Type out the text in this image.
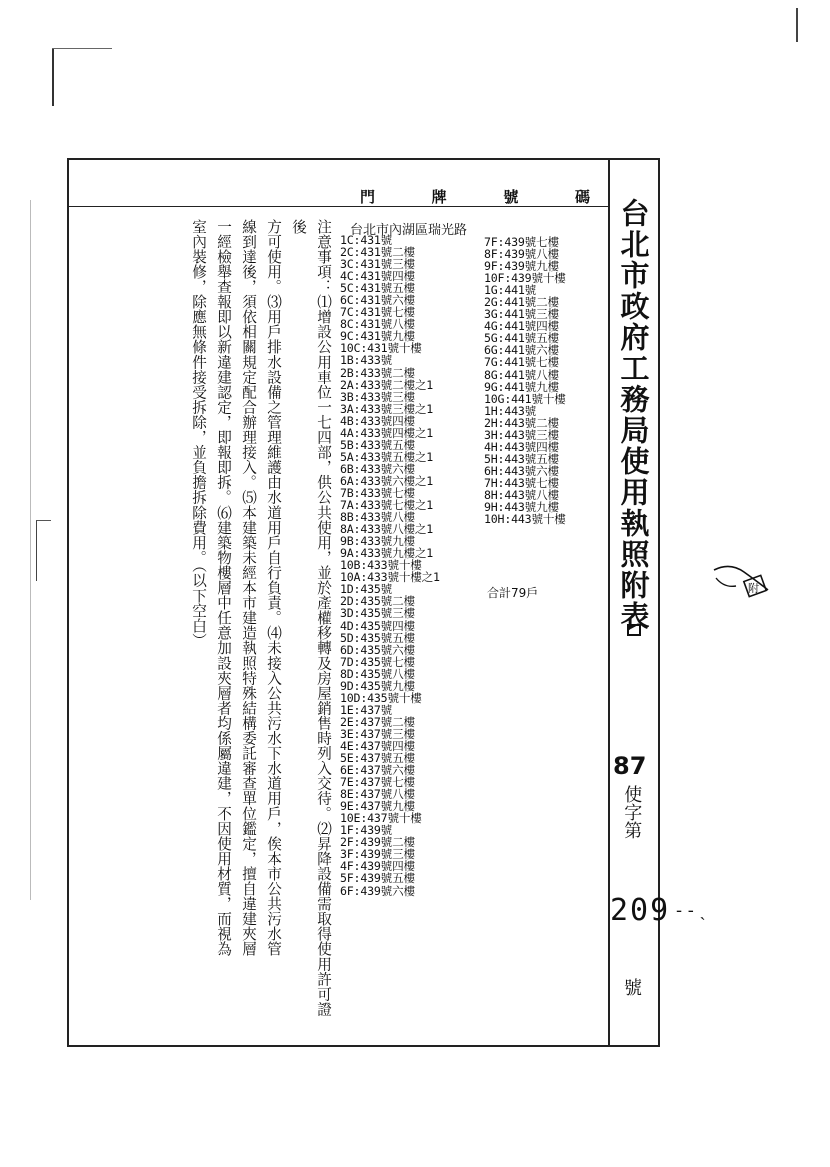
門	牌	號	碼
台北市政府工務局使用執照附表
87
使字第
209 - - ˎ
號
附

注意事項：⑴增設公用車位一七四部，供公共使用，並於產權移轉及房屋銷售時列入交待。⑵昇降設備需取得使用許可證後

方可使用。⑶用戶排水設備之管理維護由水道用戶自行負責。⑷未接入公共污水下水道用戶，俟本市公共污水管

線到達後，須依相關規定配合辦理接入。⑸本建築未經本市建造執照特殊結構委託審查單位鑑定，擅自違建夾層

一經檢舉查報即以新違建認定，即報即拆。⑹建築物樓層中任意加設夾層者均係屬違建，不因使用材質，而視為

室內裝修，除應無條件接受拆除，並負擔拆除費用。（以下空白）	台北市內湖區瑞光路
1C:431號
2C:431號二樓
3C:431號三樓
4C:431號四樓
5C:431號五樓
6C:431號六樓
7C:431號七樓
8C:431號八樓
9C:431號九樓
10C:431號十樓
1B:433號
2B:433號二樓
2A:433號二樓之1
3B:433號三樓
3A:433號三樓之1
4B:433號四樓
4A:433號四樓之1
5B:433號五樓
5A:433號五樓之1
6B:433號六樓
6A:433號六樓之1
7B:433號七樓
7A:433號七樓之1
8B:433號八樓
8A:433號八樓之1
9B:433號九樓
9A:433號九樓之1
10B:433號十樓
10A:433號十樓之1
1D:435號
2D:435號二樓
3D:435號三樓
4D:435號四樓
5D:435號五樓
6D:435號六樓
7D:435號七樓
8D:435號八樓
9D:435號九樓
10D:435號十樓
1E:437號
2E:437號二樓
3E:437號三樓
4E:437號四樓
5E:437號五樓
6E:437號六樓
7E:437號七樓
8E:437號八樓
9E:437號九樓
10E:437號十樓
1F:439號
2F:439號二樓
3F:439號三樓
4F:439號四樓
5F:439號五樓
6F:439號六樓
7F:439號七樓
8F:439號八樓
9F:439號九樓
10F:439號十樓
1G:441號
2G:441號二樓
3G:441號三樓
4G:441號四樓
5G:441號五樓
6G:441號六樓
7G:441號七樓
8G:441號八樓
9G:441號九樓
10G:441號十樓
1H:443號
2H:443號二樓
3H:443號三樓
4H:443號四樓
5H:443號五樓
6H:443號六樓
7H:443號七樓
8H:443號八樓
9H:443號九樓
10H:443號十樓
合計79戶
